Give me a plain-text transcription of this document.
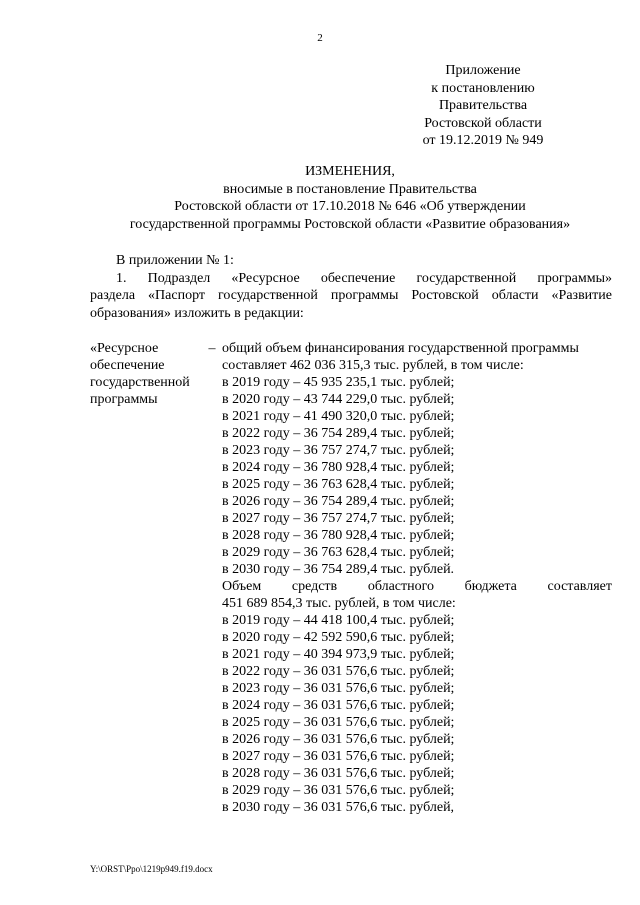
2
Приложение
к постановлению
Правительства
Ростовской области
от 19.12.2019 № 949
ИЗМЕНЕНИЯ,
вносимые в постановление Правительства
Ростовской области от 17.10.2018 № 646 «Об утверждении
государственной программы Ростовской области «Развитие образования»

В приложении № 1:

1. Подраздел «Ресурсное обеспечение государственной программы»

раздела «Паспорт государственной программы Ростовской области «Развитие

образования» изложить в редакции:

«Ресурсное
обеспечение
государственной
программы
– общий объем финансирования государственной программы
составляет 462 036 315,3 тыс. рублей, в том числе:
в 2019 году – 45 935 235,1 тыс. рублей;
в 2020 году – 43 744 229,0 тыс. рублей;
в 2021 году – 41 490 320,0 тыс. рублей;
в 2022 году – 36 754 289,4 тыс. рублей;
в 2023 году – 36 757 274,7 тыс. рублей;
в 2024 году – 36 780 928,4 тыс. рублей;
в 2025 году – 36 763 628,4 тыс. рублей;
в 2026 году – 36 754 289,4 тыс. рублей;
в 2027 году – 36 757 274,7 тыс. рублей;
в 2028 году – 36 780 928,4 тыс. рублей;
в 2029 году – 36 763 628,4 тыс. рублей;
в 2030 году – 36 754 289,4 тыс. рублей.
Объем средств областного бюджета составляет
451 689 854,3 тыс. рублей, в том числе:
в 2019 году – 44 418 100,4 тыс. рублей;
в 2020 году – 42 592 590,6 тыс. рублей;
в 2021 году – 40 394 973,9 тыс. рублей;
в 2022 году – 36 031 576,6 тыс. рублей;
в 2023 году – 36 031 576,6 тыс. рублей;
в 2024 году – 36 031 576,6 тыс. рублей;
в 2025 году – 36 031 576,6 тыс. рублей;
в 2026 году – 36 031 576,6 тыс. рублей;
в 2027 году – 36 031 576,6 тыс. рублей;
в 2028 году – 36 031 576,6 тыс. рублей;
в 2029 году – 36 031 576,6 тыс. рублей;
в 2030 году – 36 031 576,6 тыс. рублей,
Y:\ORST\Ppo\1219p949.f19.docx
